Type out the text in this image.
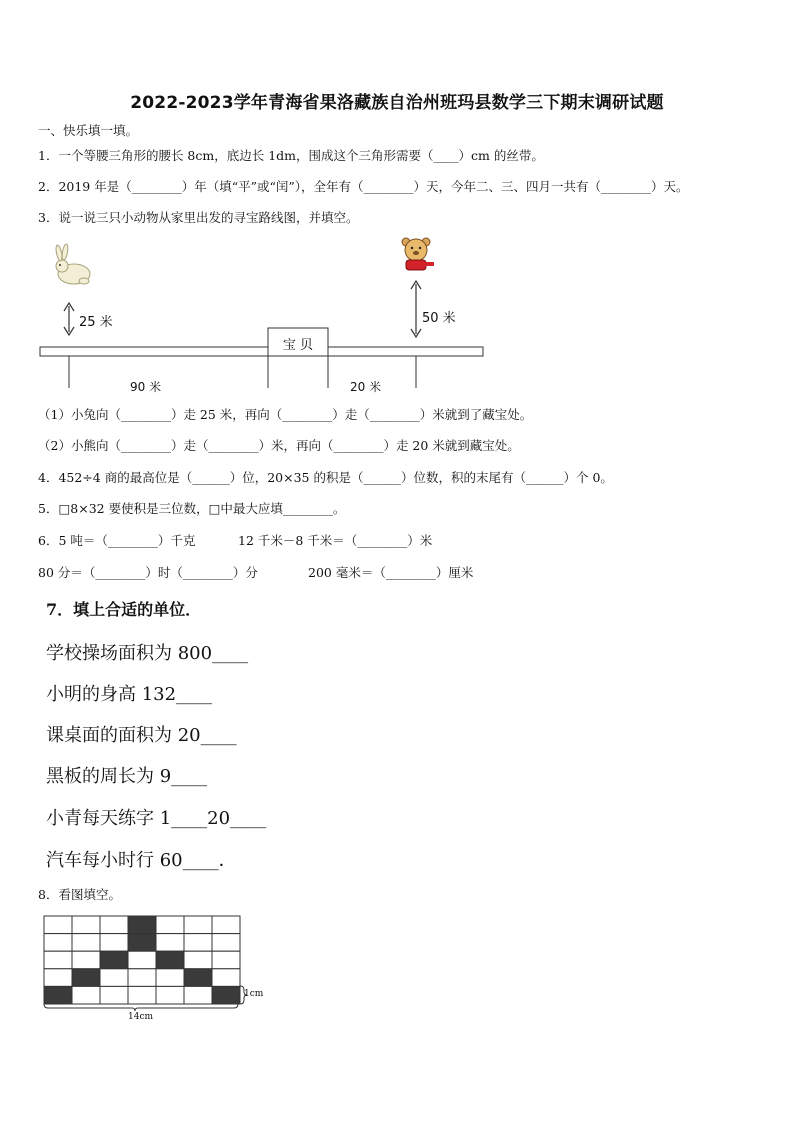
2022-2023学年青海省果洛藏族自治州班玛县数学三下期末调研试题
一、快乐填一填。
1．一个等腰三角形的腰长 8cm，底边长 1dm，围成这个三角形需要（____）cm 的丝带。
2．2019 年是（________）年（填“平”或“闰”），全年有（________）天，今年二、三、四月一共有（________）天。
3．说一说三只小动物从家里出发的寻宝路线图，并填空。
25 米	50 米
宝 贝
90 米	20 米
（1）小兔向（________）走 25 米，再向（________）走（________）米就到了藏宝处。
（2）小熊向（________）走（________）米，再向（________）走 20 米就到藏宝处。
4．452÷4 商的最高位是（______）位，20×35 的积是（______）位数，积的末尾有（______）个 0。
5．□8×32 要使积是三位数，□中最大应填________。
6．5 吨＝（________）千克	12 千米－8 千米＝（________）米
80 分＝（________）时（________）分	200 毫米＝（________）厘米
7．填上合适的单位．
学校操场面积为 800____
小明的身高 132____
课桌面的面积为 20____
黑板的周长为 9____
小青每天练字 1____20____
汽车每小时行 60____．
8．看图填空。
1cm
14cm
